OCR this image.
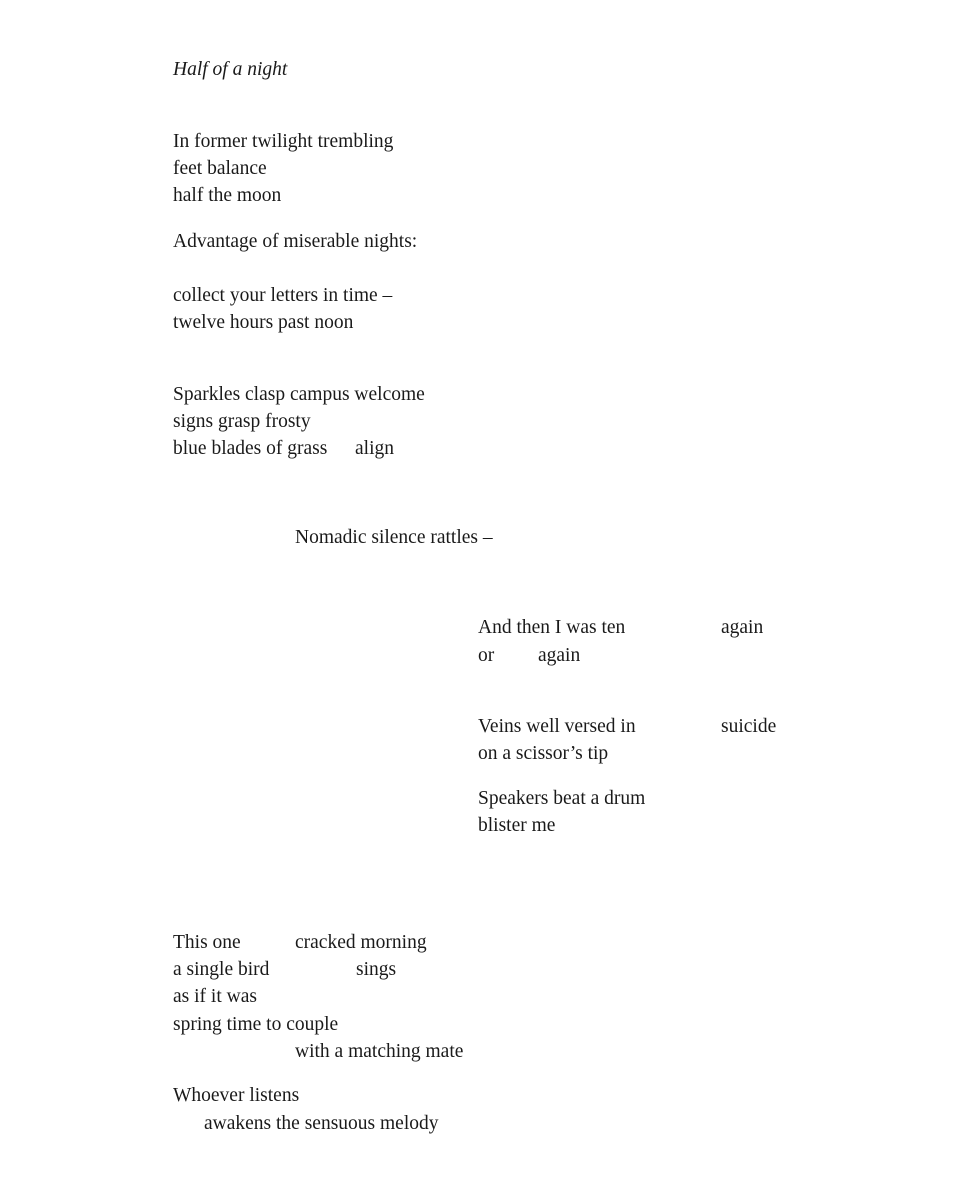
Half of a night
In former twilight trembling
feet balance
half the moon
Advantage of miserable nights:
collect your letters in time –
twelve hours past noon
Sparkles clasp campus welcome
signs grasp frosty
blue blades of grass align
Nomadic silence rattles –
And then I was ten	again
or again
Veins well versed in	suicide
on a scissor’s tip
Speakers beat a drum
blister me
This one	cracked morning
a single bird	sings
as if it was
spring time to couple
with a matching mate
Whoever listens
awakens the sensuous melody
